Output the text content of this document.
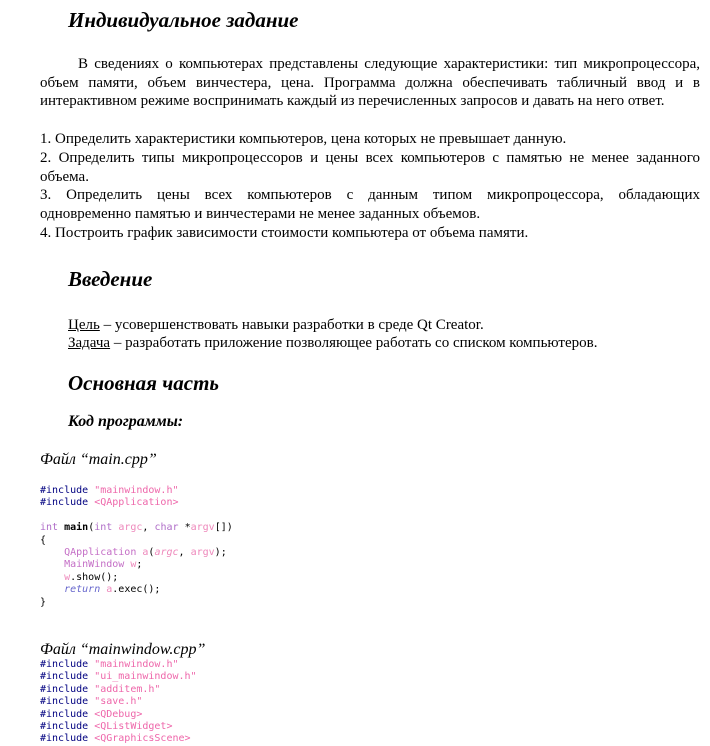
Индивидуальное задание

В сведениях о компьютерах представлены следующие характеристики: тип микропроцессора, объем памяти, объем винчестера, цена. Программа должна обеспечивать табличный ввод и в интерактивном режиме воспринимать каждый из перечисленных запросов и давать на него ответ.

1. Определить характеристики компьютеров, цена которых не превышает данную.

2. Определить типы микропроцессоров и цены всех компьютеров с памятью не менее заданного

объема.

3. Определить цены всех компьютеров с данным типом микропроцессора, обладающих

одновременно памятью и винчестерами не менее заданных объемов.

4. Построить график зависимости стоимости компьютера от объема памяти.

Введение

Цель – усовершенствовать навыки разработки в среде Qt Creator.

Задача – разработать приложение позволяющее работать со списком компьютеров.

Основная часть
Код программы:

Файл “main.cpp”

#include "mainwindow.h"
#include <QApplication>

int main(int argc, char *argv[])
{
QApplication a(argc, argv);
MainWindow w;
w.show();
return a.exec();
}

Файл “mainwindow.cpp”

#include "mainwindow.h"
#include "ui_mainwindow.h"
#include "additem.h"
#include "save.h"
#include <QDebug>
#include <QListWidget>
#include <QGraphicsScene>
